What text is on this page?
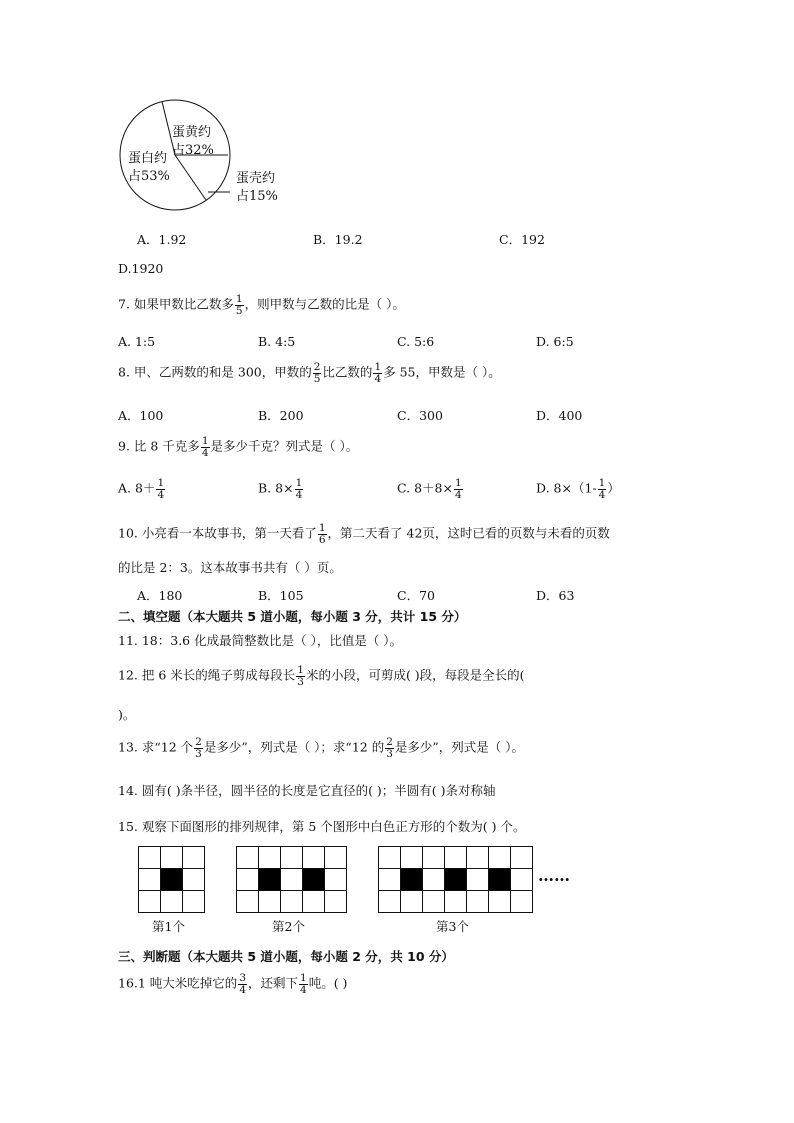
蛋黄约
占32%
蛋白约
占53%	蛋壳约
占15%
A．1.92	B．19.2	C．192
D.1920
7. 如果甲数比乙数多 $\frac{1}{5}$ ，则甲数与乙数的比是（ ）。
A. 1:5	B. 4:5	C. 5:6	D. 6:5
8. 甲、乙两数的和是 300，甲数的 $\frac{2}{5}$ 比乙数的 $\frac{1}{4}$ 多 55，甲数是（ ）。
A．100	B．200	C．300	D．400
9. 比 8 千克多 $\frac{1}{4}$ 是多少千克？列式是（ ）。
A. $8+ \frac{1}{4}$	B. $8\times \frac{1}{4}$	C. $8+8\times \frac{1}{4}$	D. $8\times(1- \frac{1}{4}$ ）
10. 小亮看一本故事书，第一天看了 $\frac{1}{6}$ ，第二天看了 42页，这时已看的页数与未看的页数
的比是 2：3。这本故事书共有（ ）页。
A．180	B．105	C．70	D．63
二、填空题（本大题共 5 道小题，每小题 3 分，共计 15 分）
11. 18：3.6 化成最简整数比是（ ），比值是（ ）。
12. 把 6 米长的绳子剪成每段长 $\frac{1}{3}$ 米的小段，可剪成( )段，每段是全长的(
)。
13. 求“12 个 $\frac{2}{3}$ 是多少”，列式是（ ）；求“12 的 $\frac{2}{3}$ 是多少”，列式是（ ）。
14. 圆有( )条半径，圆半径的长度是它直径的( )；半圆有( )条对称轴
15. 观察下面图形的排列规律，第 5 个图形中白色正方形的个数为( ) 个。
……
第1个	第2个	第3个
三、判断题（本大题共 5 道小题，每小题 2 分，共 10 分）
16.1 吨大米吃掉它的 $\frac{3}{4}$ ，还剩下 $\frac{1}{4}$ 吨。( )
